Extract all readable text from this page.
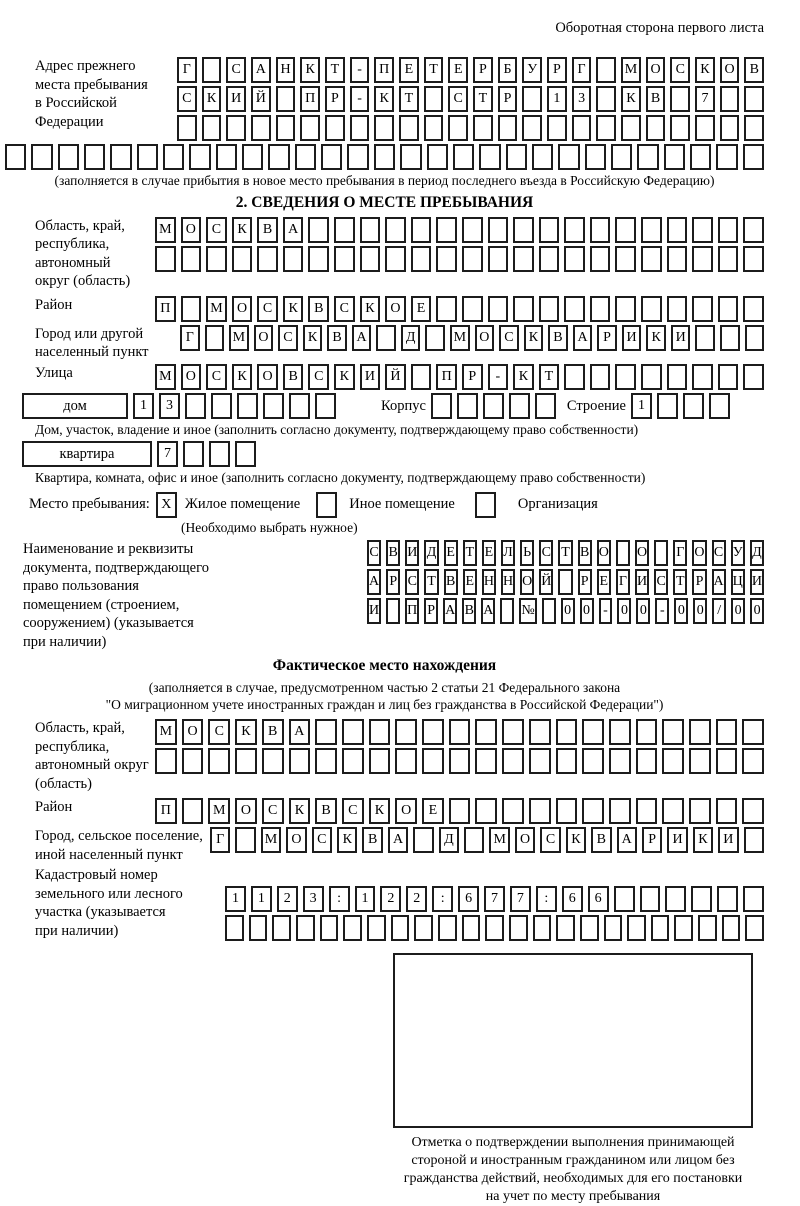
Оборотная сторона первого листа
Адрес прежнего
места пребывания
в Российской
Федерации
Г	С	А	Н	К	Т	-	П	Е	Т	Е	Р	Б	У	Р	Г	М О	С	К	О	В
С	К	И	Й	П	Р	-	К	Т	С	Т	Р	1	3	К	В	7
(заполняется в случае прибытия в новое место пребывания в период последнего въезда в Российскую Федерацию)
2. СВЕДЕНИЯ О МЕСТЕ ПРЕБЫВАНИЯ
Область, край,
республика,
автономный
округ (область)
М	О	С	К	В	А
Район	П	М	О	С	К	В	С	К	О	Е
Город или другой
населенный пункт
Г	М О	С	К	В	А	Д	М О	С	К	В	А	Р	И	К	И
Улица	М	О	С	К	О	В	С	К	И	Й	П	Р	-	К	Т
дом	1	3	Корпус	Строение 1
Дом, участок, владение и иное (заполнить согласно документу, подтверждающему право собственности)
квартира	7
Квартира, комната, офис и иное (заполнить согласно документу, подтверждающему право собственности)
Место пребывания: X Жилое помещение	Иное помещение	Организация
(Необходимо выбрать нужное)
Наименование и реквизиты
документа, подтверждающего
право пользования
помещением (строением,
сооружением) (указывается
при наличии)
С В И Д Е Т Е Л Ь С Т В О О Г О С У Д
А Р С Т В Е Н Н О Й Р Е Г И С Т Р А Ц И
И П Р А В А № 0 0 - 0 0 - 0 0 / 0 0
Фактическое место нахождения
(заполняется в случае, предусмотренном частью 2 статьи 21 Федерального закона
"О миграционном учете иностранных граждан и лиц без гражданства в Российской Федерации")
Область, край,
республика,
автономный округ
(область)
М	О	С	К	В	А
Район	П	М	О	С	К	В	С	К	О	Е
Город, сельское поселение,
иной населенный пункт
Г	М	О	С	К	В	А	Д	М	О	С	К	В	А	Р	И	К	И
Кадастровый номер
земельного или лесного
участка (указывается
при наличии)
1	1	2	3	:	1	2	2	:	6	7	7	:	6	6
Отметка о подтверждении выполнения принимающей
стороной и иностранным гражданином или лицом без
гражданства действий, необходимых для его постановки
на учет по месту пребывания
